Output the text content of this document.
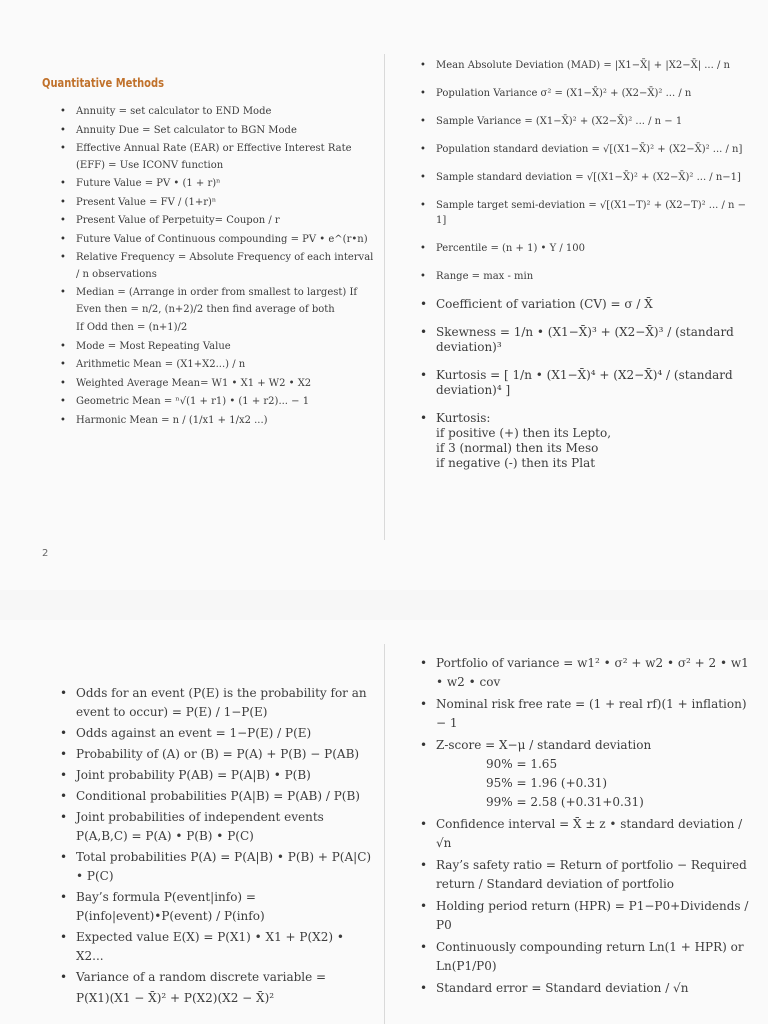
Quantitative Methods
2
• Annuity = set calculator to END Mode
• Annuity Due = Set calculator to BGN Mode
• Effective Annual Rate (EAR) or Effective Interest Rate (EFF) = Use ICONV function
• Future Value = PV • (1 + r)ⁿ
• Present Value = FV / (1+r)ⁿ
• Present Value of Perpetuity= Coupon / r
• Future Value of Continuous compounding = PV • e^(r•n)
• Relative Frequency = Absolute Frequency of each interval / n observations
• Median = (Arrange in order from smallest to largest) If Even then = n/2, (n+2)/2 then find average of both
If Odd then = (n+1)/2
• Mode = Most Repeating Value
• Arithmetic Mean = (X1+X2...) / n
• Weighted Average Mean= W1 • X1 + W2 • X2
• Geometric Mean = ⁿ√(1 + r1) • (1 + r2)... − 1
• Harmonic Mean = n / (1/x1 + 1/x2 ...)
• Mean Absolute Deviation (MAD) = |X1−X̄| + |X2−X̄| ... / n
• Population Variance σ² = (X1−X̄)² + (X2−X̄)² ... / n
• Sample Variance = (X1−X̄)² + (X2−X̄)² ... / n − 1
• Population standard deviation = √[(X1−X̄)² + (X2−X̄)² ... / n]
• Sample standard deviation = √[(X1−X̄)² + (X2−X̄)² ... / n−1]
• Sample target semi-deviation = √[(X1−T)² + (X2−T)² ... / n − 1]
• Percentile = (n + 1) • Y / 100
• Range = max - min
• Coefficient of variation (CV) = σ / X̄
• Skewness = 1/n • (X1−X̄)³ + (X2−X̄)³ / (standard deviation)³
• Kurtosis = [ 1/n • (X1−X̄)⁴ + (X2−X̄)⁴ / (standard deviation)⁴ ]
• Kurtosis:
if positive (+) then its Lepto,
if 3 (normal) then its Meso
if negative (-) then its Plat
• Odds for an event (P(E) is the probability for an event to occur) = P(E) / 1−P(E)
• Odds against an event = 1−P(E) / P(E)
• Probability of (A) or (B) = P(A) + P(B) − P(AB)
• Joint probability P(AB) = P(A|B) • P(B)
• Conditional probabilities P(A|B) = P(AB) / P(B)
• Joint probabilities of independent events P(A,B,C) = P(A) • P(B) • P(C)
• Total probabilities P(A) = P(A|B) • P(B) + P(A|C) • P(C)
• Bay’s formula P(event|info) = P(info|event)•P(event) / P(info)
• Expected value E(X) = P(X1) • X1 + P(X2) • X2...
• Variance of a random discrete variable =
P(X1)(X1 − X̄)² + P(X2)(X2 − X̄)²
• Portfolio of variance = w1² • σ² + w2 • σ² + 2 • w1 • w2 • cov
• Nominal risk free rate = (1 + real rf)(1 + inflation) − 1
• Z-score = X−μ / standard deviation
90% = 1.65
95% = 1.96 (+0.31)
99% = 2.58 (+0.31+0.31)
• Confidence interval = X̄ ± z • standard deviation / √n
• Ray’s safety ratio = Return of portfolio − Required return / Standard deviation of portfolio
• Holding period return (HPR) = P1−P0+Dividends / P0
• Continuously compounding return Ln(1 + HPR) or Ln(P1/P0)
• Standard error = Standard deviation / √n
